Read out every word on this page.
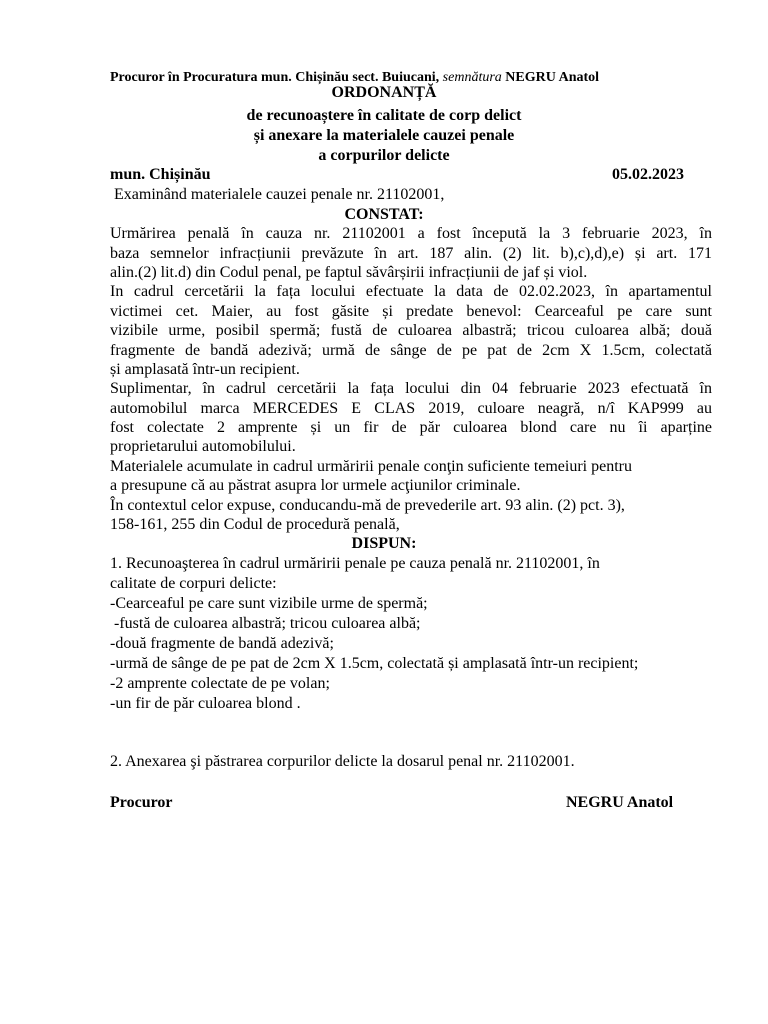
Procuror în Procuratura mun. Chișinău sect. Buiucani, semnătura NEGRU Anatol
ORDONANȚĂ
de recunoaștere în calitate de corp delict
și anexare la materialele cauzei penale
a corpurilor delicte
mun. Chișinău	05.02.2023
Examinând materialele cauzei penale nr. 21102001,
CONSTAT:
Urmărirea penală în cauza nr. 21102001 a fost începută la 3 februarie 2023, în
baza semnelor infracțiunii prevăzute în art. 187 alin. (2) lit. b),c),d),e) și art. 171
alin.(2) lit.d) din Codul penal, pe faptul săvârșirii infracțiunii de jaf și viol.
In cadrul cercetării la fața locului efectuate la data de 02.02.2023, în apartamentul
victimei cet. Maier, au fost găsite și predate benevol: Cearceaful pe care sunt
vizibile urme, posibil spermă; fustă de culoarea albastră; tricou culoarea albă; două
fragmente de bandă adezivă; urmă de sânge de pe pat de 2cm X 1.5cm, colectată
și amplasată într-un recipient.
Suplimentar, în cadrul cercetării la fața locului din 04 februarie 2023 efectuată în
automobilul marca MERCEDES E CLAS 2019, culoare neagră, n/î KAP999 au
fost colectate 2 amprente și un fir de păr culoarea blond care nu îi aparține
proprietarului automobilului.
Materialele acumulate in cadrul urmăririi penale conţin suficiente temeiuri pentru
a presupune că au păstrat asupra lor urmele acţiunilor criminale.
În contextul celor expuse, conducandu-mă de prevederile art. 93 alin. (2) pct. 3),
158-161, 255 din Codul de procedură penală,
DISPUN:
1. Recunoaşterea în cadrul urmăririi penale pe cauza penală nr. 21102001, în
calitate de corpuri delicte:
-Cearceaful pe care sunt vizibile urme de spermă;
-fustă de culoarea albastră; tricou culoarea albă;
-două fragmente de bandă adezivă;
-urmă de sânge de pe pat de 2cm X 1.5cm, colectată și amplasată într-un recipient;
-2 amprente colectate de pe volan;
-un fir de păr culoarea blond .
2. Anexarea şi păstrarea corpurilor delicte la dosarul penal nr. 21102001.
Procuror	NEGRU Anatol
